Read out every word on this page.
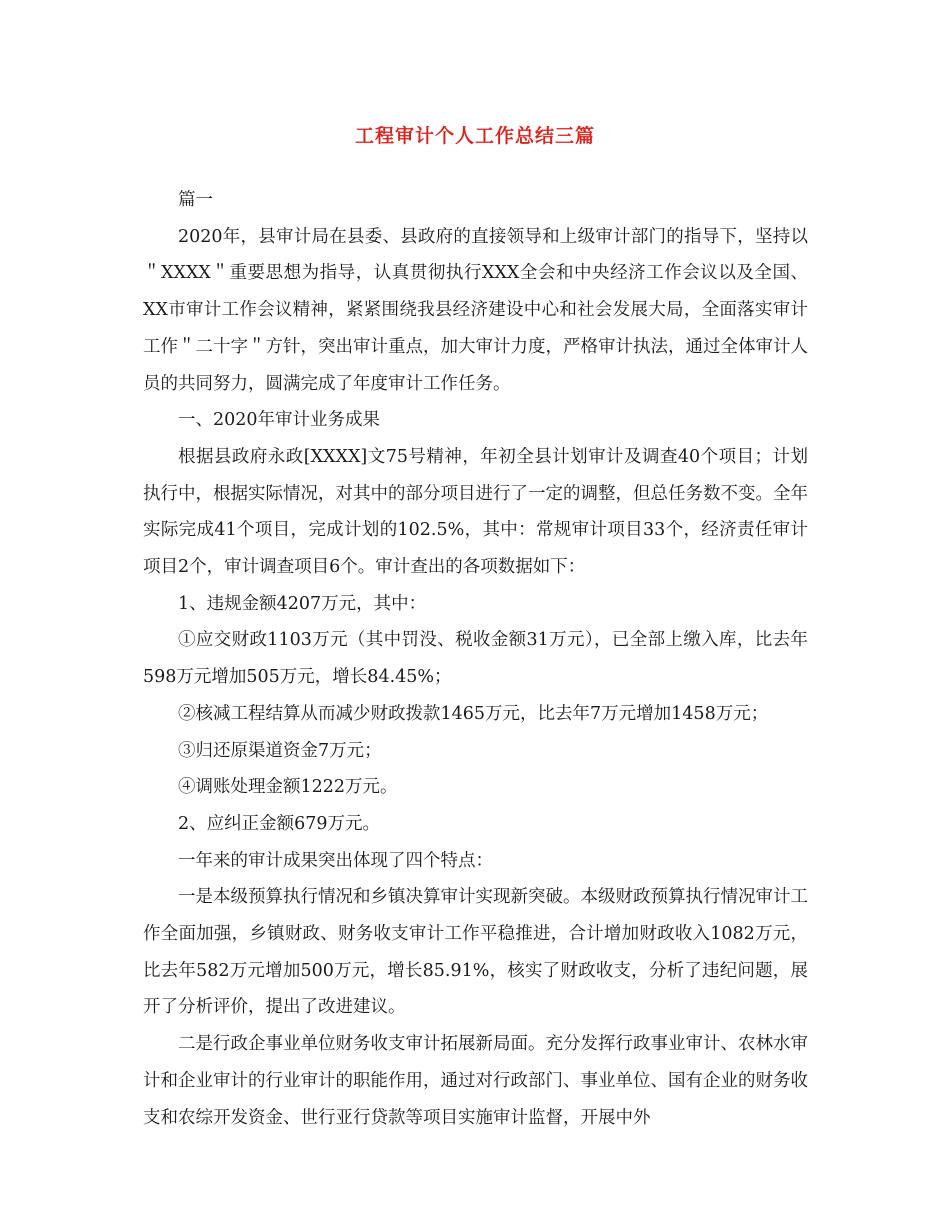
工程审计个人工作总结三篇

篇一

2020年，县审计局在县委、县政府的直接领导和上级审计部门的指导下，坚持以＂XXXX＂重要思想为指导，认真贯彻执行XXX全会和中央经济工作会议以及全国、XX市审计工作会议精神，紧紧围绕我县经济建设中心和社会发展大局，全面落实审计工作＂二十字＂方针，突出审计重点，加大审计力度，严格审计执法，通过全体审计人员的共同努力，圆满完成了年度审计工作任务。

一、2020年审计业务成果

根据县政府永政[XXXX]文75号精神，年初全县计划审计及调查40个项目；计划执行中，根据实际情况，对其中的部分项目进行了一定的调整，但总任务数不变。全年实际完成41个项目，完成计划的102.5%，其中：常规审计项目33个，经济责任审计项目2个，审计调查项目6个。审计查出的各项数据如下：

1、违规金额4207万元，其中：

①应交财政1103万元（其中罚没、税收金额31万元），已全部上缴入库，比去年598万元增加505万元，增长84.45%；

②核减工程结算从而减少财政拨款1465万元，比去年7万元增加1458万元；

③归还原渠道资金7万元；

④调账处理金额1222万元。

2、应纠正金额679万元。

一年来的审计成果突出体现了四个特点：

一是本级预算执行情况和乡镇决算审计实现新突破。本级财政预算执行情况审计工作全面加强，乡镇财政、财务收支审计工作平稳推进，合计增加财政收入1082万元，比去年582万元增加500万元，增长85.91%，核实了财政收支，分析了违纪问题，展开了分析评价，提出了改进建议。

二是行政企事业单位财务收支审计拓展新局面。充分发挥行政事业审计、农林水审计和企业审计的行业审计的职能作用，通过对行政部门、事业单位、国有企业的财务收支和农综开发资金、世行亚行贷款等项目实施审计监督，开展中外
